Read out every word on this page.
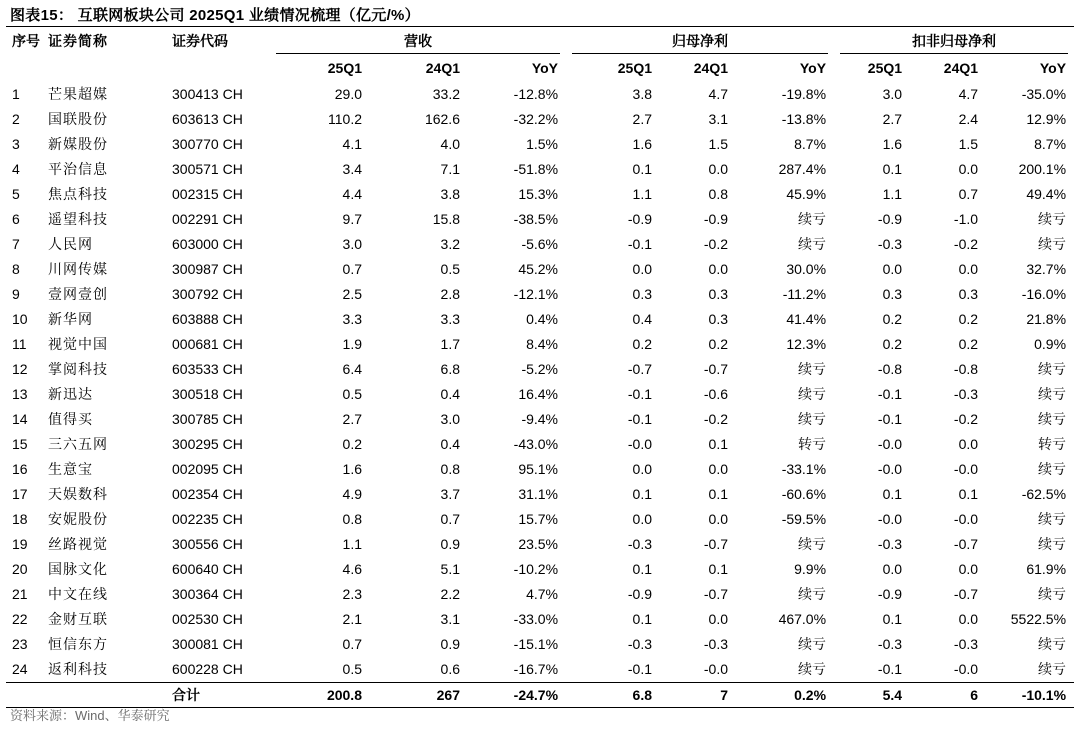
图表15： 互联网板块公司 2025Q1 业绩情况梳理（亿元/%）
序号	证券简称	证券代码	营收			归母净利			扣非归母净利		

			25Q1	24Q1	YoY	25Q1	24Q1	YoY	25Q1	24Q1	YoY
1	芒果超媒	300413 CH	29.0	33.2	-12.8%	3.8	4.7	-19.8%	3.0	4.7	-35.0%
2	国联股份	603613 CH	110.2	162.6	-32.2%	2.7	3.1	-13.8%	2.7	2.4	12.9%
3	新媒股份	300770 CH	4.1	4.0	1.5%	1.6	1.5	8.7%	1.6	1.5	8.7%
4	平治信息	300571 CH	3.4	7.1	-51.8%	0.1	0.0	287.4%	0.1	0.0	200.1%
5	焦点科技	002315 CH	4.4	3.8	15.3%	1.1	0.8	45.9%	1.1	0.7	49.4%
6	遥望科技	002291 CH	9.7	15.8	-38.5%	-0.9	-0.9	续亏	-0.9	-1.0	续亏
7	人民网	603000 CH	3.0	3.2	-5.6%	-0.1	-0.2	续亏	-0.3	-0.2	续亏
8	川网传媒	300987 CH	0.7	0.5	45.2%	0.0	0.0	30.0%	0.0	0.0	32.7%
9	壹网壹创	300792 CH	2.5	2.8	-12.1%	0.3	0.3	-11.2%	0.3	0.3	-16.0%
10	新华网	603888 CH	3.3	3.3	0.4%	0.4	0.3	41.4%	0.2	0.2	21.8%
11	视觉中国	000681 CH	1.9	1.7	8.4%	0.2	0.2	12.3%	0.2	0.2	0.9%
12	掌阅科技	603533 CH	6.4	6.8	-5.2%	-0.7	-0.7	续亏	-0.8	-0.8	续亏
13	新迅达	300518 CH	0.5	0.4	16.4%	-0.1	-0.6	续亏	-0.1	-0.3	续亏
14	值得买	300785 CH	2.7	3.0	-9.4%	-0.1	-0.2	续亏	-0.1	-0.2	续亏
15	三六五网	300295 CH	0.2	0.4	-43.0%	-0.0	0.1	转亏	-0.0	0.0	转亏
16	生意宝	002095 CH	1.6	0.8	95.1%	0.0	0.0	-33.1%	-0.0	-0.0	续亏
17	天娱数科	002354 CH	4.9	3.7	31.1%	0.1	0.1	-60.6%	0.1	0.1	-62.5%
18	安妮股份	002235 CH	0.8	0.7	15.7%	0.0	0.0	-59.5%	-0.0	-0.0	续亏
19	丝路视觉	300556 CH	1.1	0.9	23.5%	-0.3	-0.7	续亏	-0.3	-0.7	续亏
20	国脉文化	600640 CH	4.6	5.1	-10.2%	0.1	0.1	9.9%	0.0	0.0	61.9%
21	中文在线	300364 CH	2.3	2.2	4.7%	-0.9	-0.7	续亏	-0.9	-0.7	续亏
22	金财互联	002530 CH	2.1	3.1	-33.0%	0.1	0.0	467.0%	0.1	0.0	5522.5%
23	恒信东方	300081 CH	0.7	0.9	-15.1%	-0.3	-0.3	续亏	-0.3	-0.3	续亏
24	返利科技	600228 CH	0.5	0.6	-16.7%	-0.1	-0.0	续亏	-0.1	-0.0	续亏
		合计	200.8	267	-24.7%	6.8	7	0.2%	5.4	6	-10.1%
资料来源：Wind、华泰研究
